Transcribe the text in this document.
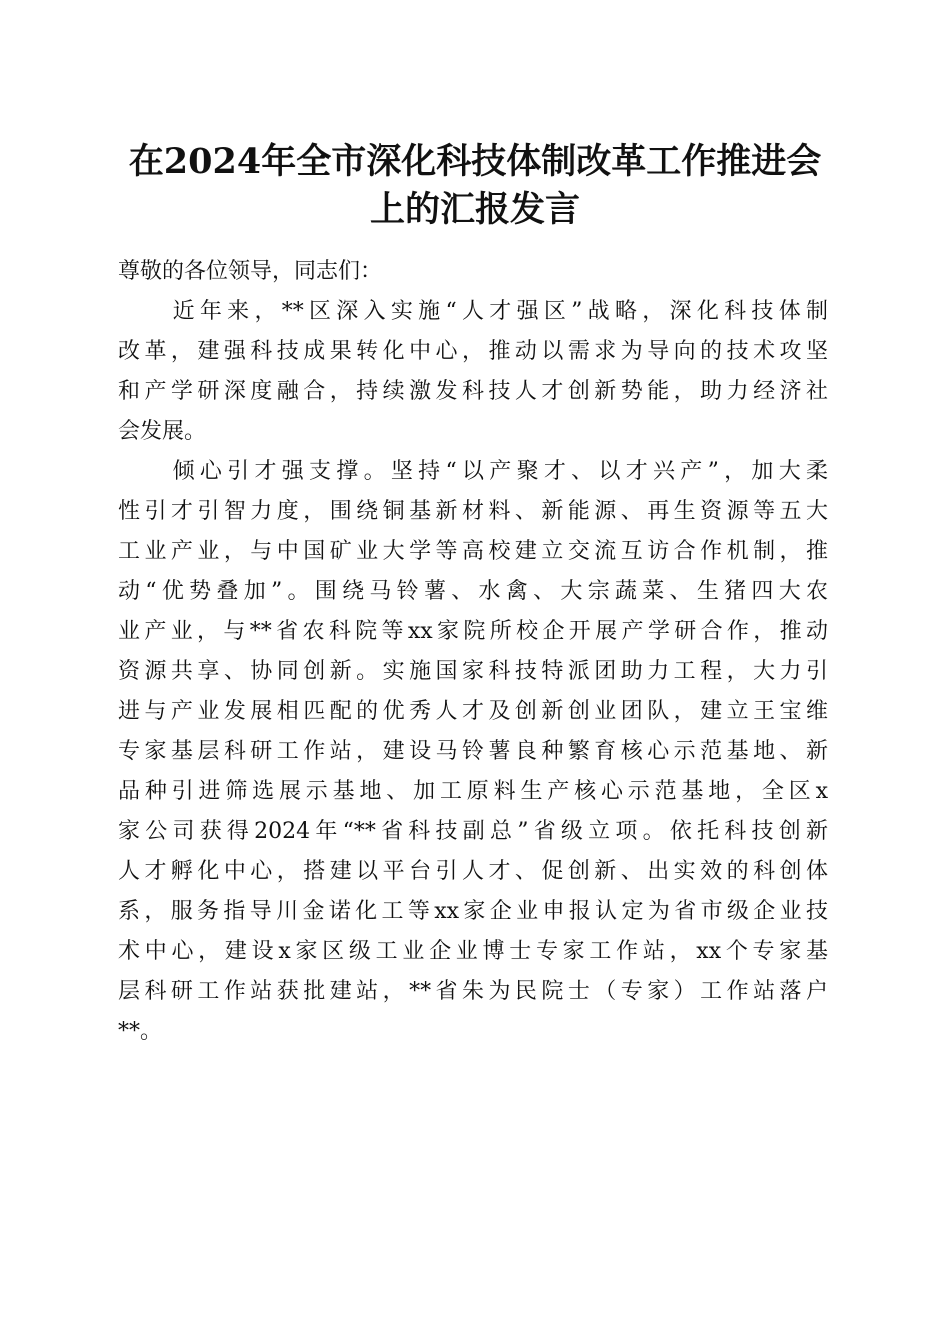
在2024年全市深化科技体制改革工作推进会
上的汇报发言
尊敬的各位领导，同志们：
　　近年来，**区深入实施“人才强区”战略，深化科技体制
改革，建强科技成果转化中心，推动以需求为导向的技术攻坚
和产学研深度融合，持续激发科技人才创新势能，助力经济社
会发展。
　　倾心引才强支撑。坚持“以产聚才、以才兴产”，加大柔
性引才引智力度，围绕铜基新材料、新能源、再生资源等五大
工业产业，与中国矿业大学等高校建立交流互访合作机制，推
动“优势叠加”。围绕马铃薯、水禽、大宗蔬菜、生猪四大农
业产业，与**省农科院等xx家院所校企开展产学研合作，推动
资源共享、协同创新。实施国家科技特派团助力工程，大力引
进与产业发展相匹配的优秀人才及创新创业团队，建立王宝维
专家基层科研工作站，建设马铃薯良种繁育核心示范基地、新
品种引进筛选展示基地、加工原料生产核心示范基地，全区x
家公司获得2024年“**省科技副总”省级立项。依托科技创新
人才孵化中心，搭建以平台引人才、促创新、出实效的科创体
系，服务指导川金诺化工等xx家企业申报认定为省市级企业技
术中心，建设x家区级工业企业博士专家工作站，xx个专家基
层科研工作站获批建站，**省朱为民院士（专家）工作站落户
**。
